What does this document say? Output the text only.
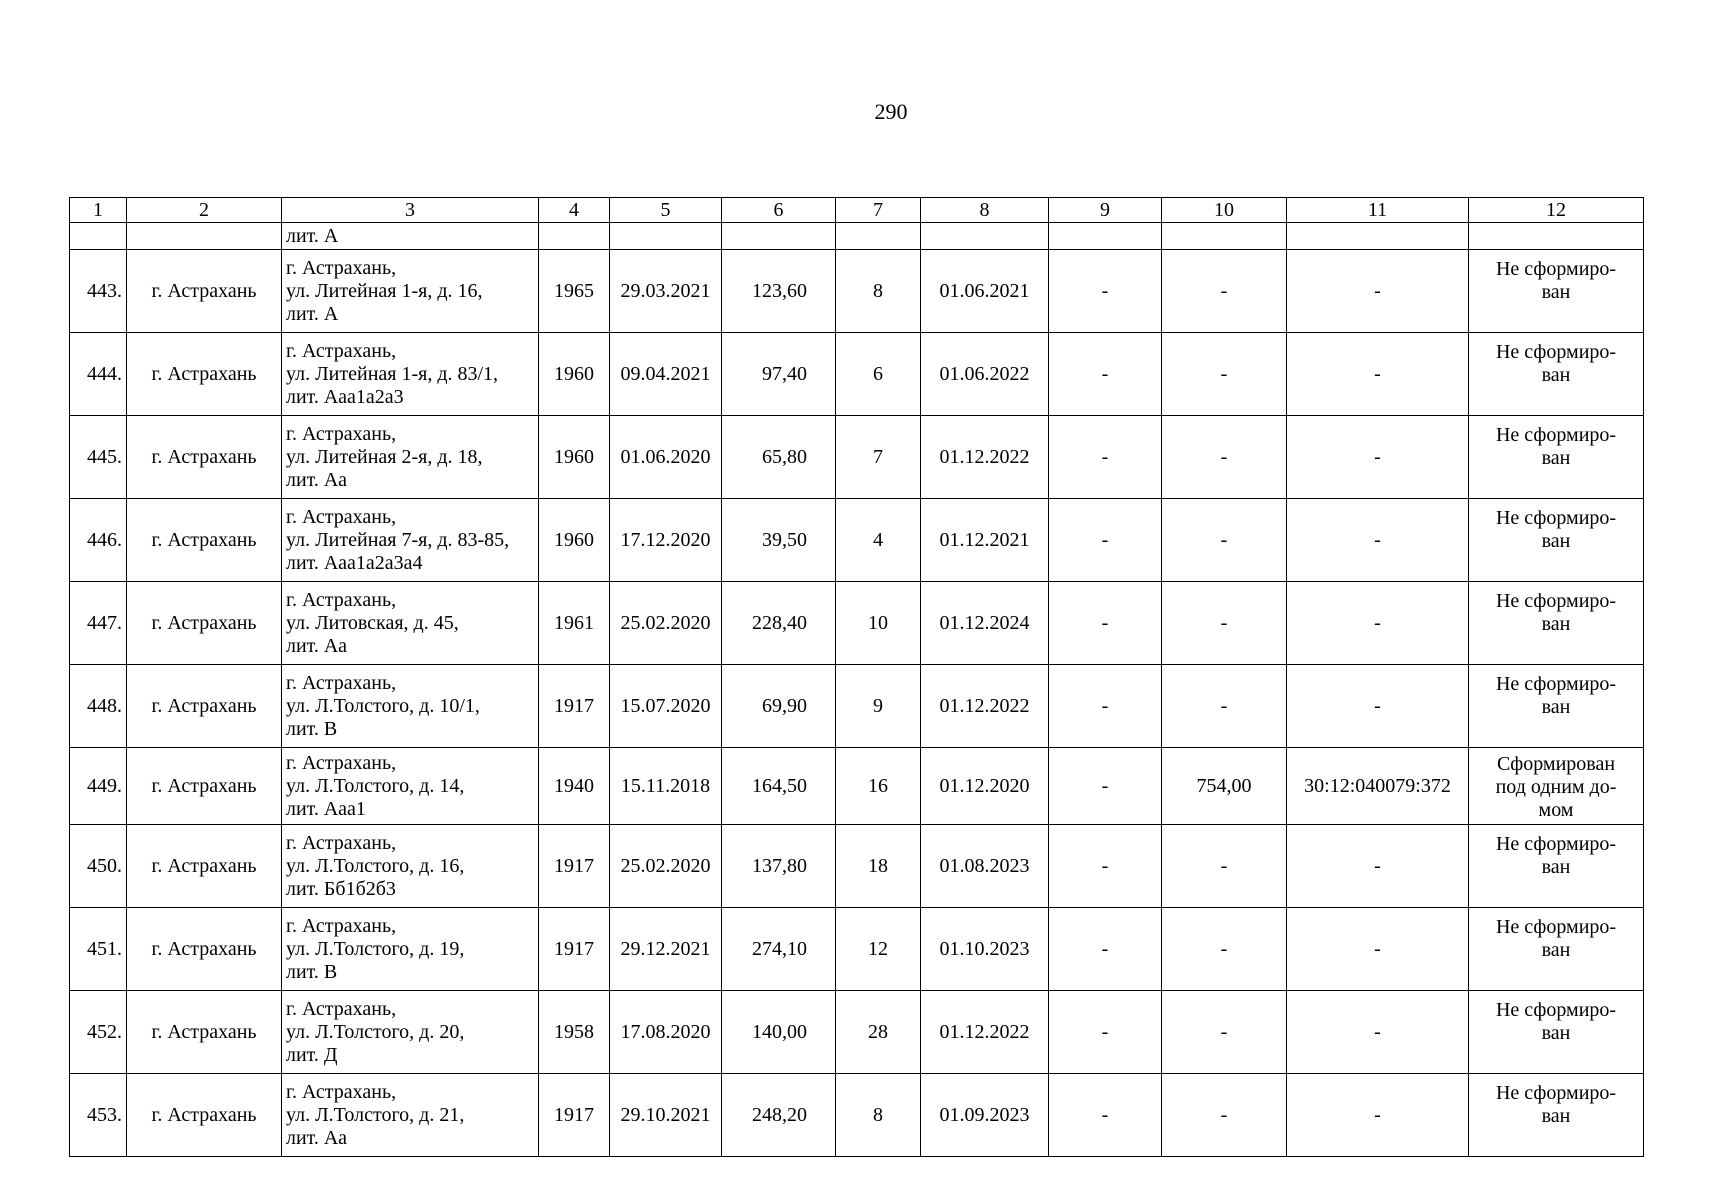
290
1	2	3	4	5	6	7	8	9	10	11	12

		лит. А									

443.	г. Астрахань	г. Астрахань,
ул. Литейная 1-я, д. 16,
лит. А	1965	29.03.2021	123,60	8	01.06.2021	-	-	-	Не сформиро-
ван

444.	г. Астрахань	г. Астрахань,
ул. Литейная 1-я, д. 83/1,
лит. Ааа1а2а3	1960	09.04.2021	97,40	6	01.06.2022	-	-	-	Не сформиро-
ван

445.	г. Астрахань	г. Астрахань,
ул. Литейная 2-я, д. 18,
лит. Аа	1960	01.06.2020	65,80	7	01.12.2022	-	-	-	Не сформиро-
ван

446.	г. Астрахань	г. Астрахань,
ул. Литейная 7-я, д. 83-85,
лит. Ааа1а2а3а4	1960	17.12.2020	39,50	4	01.12.2021	-	-	-	Не сформиро-
ван

447.	г. Астрахань	г. Астрахань,
ул. Литовская, д. 45,
лит. Аа	1961	25.02.2020	228,40	10	01.12.2024	-	-	-	Не сформиро-
ван

448.	г. Астрахань	г. Астрахань,
ул. Л.Толстого, д. 10/1,
лит. В	1917	15.07.2020	69,90	9	01.12.2022	-	-	-	Не сформиро-
ван

449.	г. Астрахань	г. Астрахань,
ул. Л.Толстого, д. 14,
лит. Ааа1	1940	15.11.2018	164,50	16	01.12.2020	-	754,00	30:12:040079:372	Сформирован
под одним до-
мом

450.	г. Астрахань	г. Астрахань,
ул. Л.Толстого, д. 16,
лит. Бб1б2б3	1917	25.02.2020	137,80	18	01.08.2023	-	-	-	Не сформиро-
ван

451.	г. Астрахань	г. Астрахань,
ул. Л.Толстого, д. 19,
лит. В	1917	29.12.2021	274,10	12	01.10.2023	-	-	-	Не сформиро-
ван

452.	г. Астрахань	г. Астрахань,
ул. Л.Толстого, д. 20,
лит. Д	1958	17.08.2020	140,00	28	01.12.2022	-	-	-	Не сформиро-
ван

453.	г. Астрахань	г. Астрахань,
ул. Л.Толстого, д. 21,
лит. Аа	1917	29.10.2021	248,20	8	01.09.2023	-	-	-	Не сформиро-
ван
